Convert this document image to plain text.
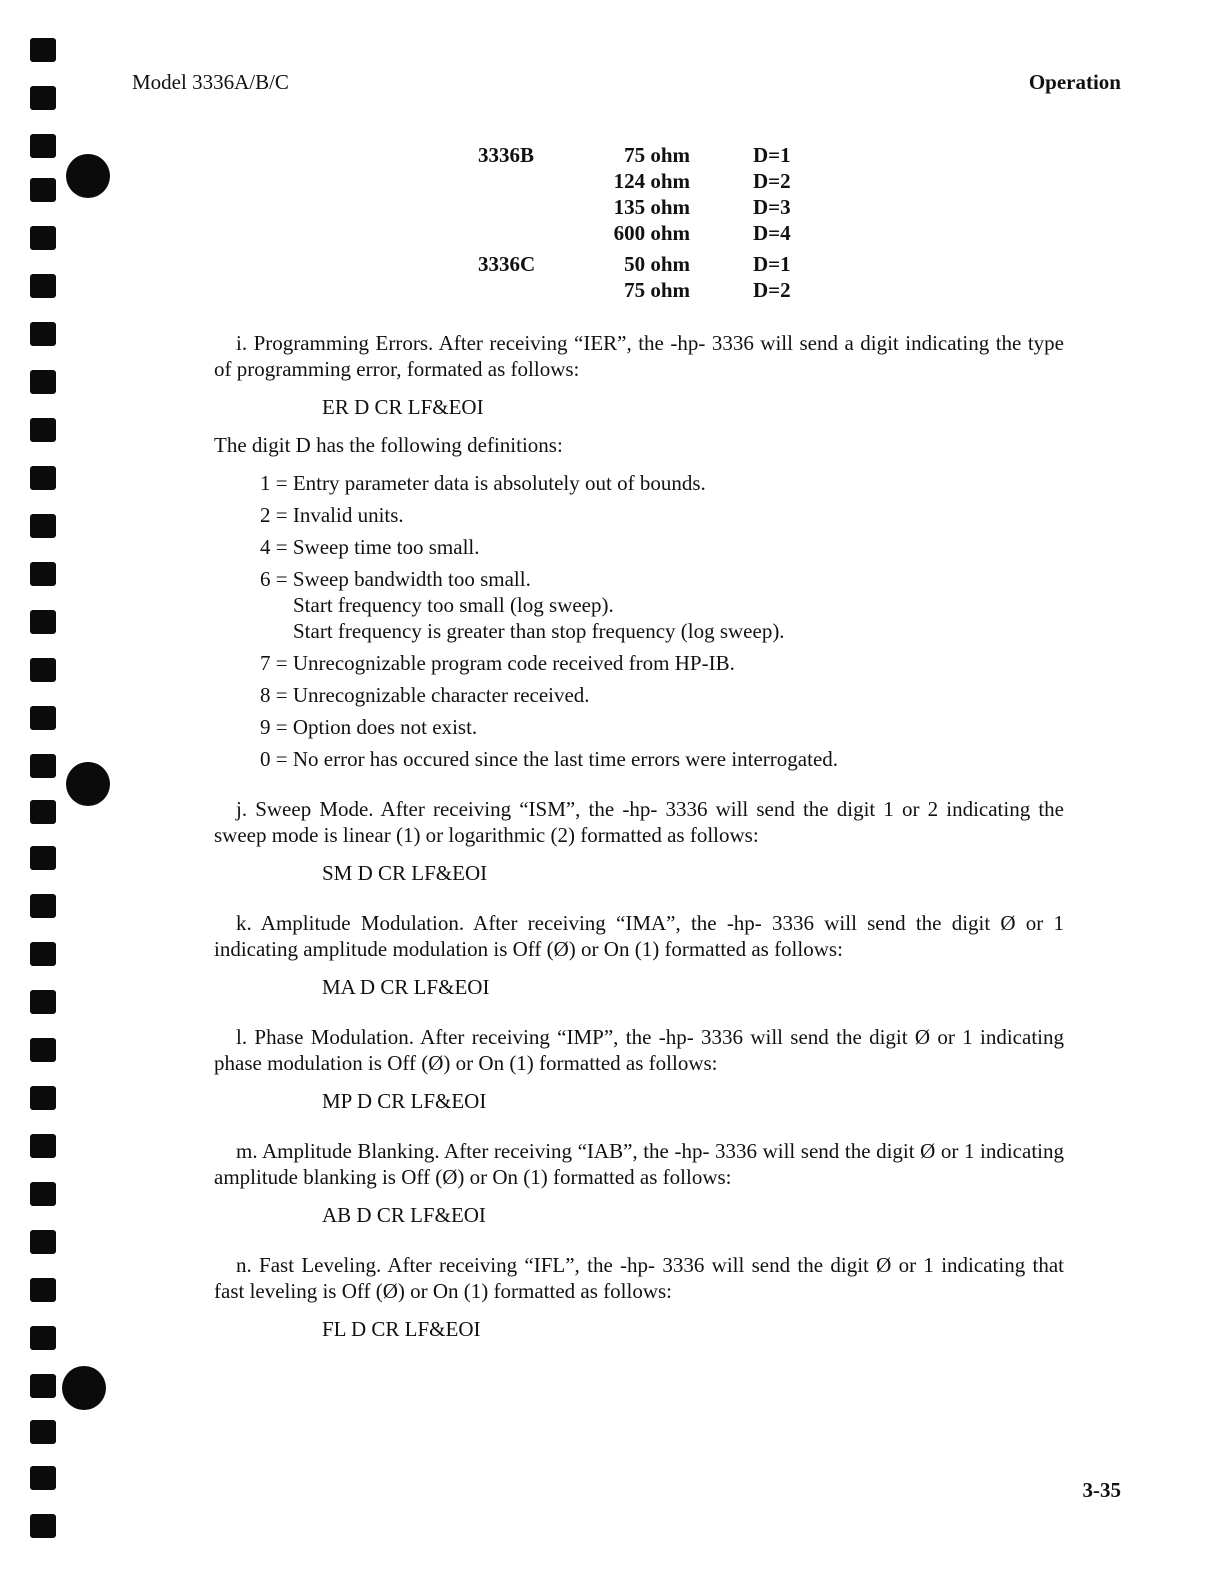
Model 3336A/B/C	Operation
3336B	75 ohm	D=1
124 ohm	D=2
135 ohm	D=3
600 ohm	D=4
3336C	50 ohm	D=1
75 ohm	D=2

i. Programming Errors. After receiving “IER”, the -hp- 3336 will send a digit indicating the type of programming error, formated as follows:

ER D CR LF&EOI
The digit D has the following definitions:
1 = Entry parameter data is absolutely out of bounds.
2 = Invalid units.
4 = Sweep time too small.
6 = Sweep bandwidth too small.
Start frequency too small (log sweep).
Start frequency is greater than stop frequency (log sweep).
7 = Unrecognizable program code received from HP-IB.
8 = Unrecognizable character received.
9 = Option does not exist.
0 = No error has occured since the last time errors were interrogated.

j. Sweep Mode. After receiving “ISM”, the -hp- 3336 will send the digit 1 or 2 indicating the sweep mode is linear (1) or logarithmic (2) formatted as follows:

SM D CR LF&EOI

k. Amplitude Modulation. After receiving “IMA”, the -hp- 3336 will send the digit Ø or 1 indicating amplitude modulation is Off (Ø) or On (1) formatted as follows:

MA D CR LF&EOI

l. Phase Modulation. After receiving “IMP”, the -hp- 3336 will send the digit Ø or 1 indicating phase modulation is Off (Ø) or On (1) formatted as follows:

MP D CR LF&EOI

m. Amplitude Blanking. After receiving “IAB”, the -hp- 3336 will send the digit Ø or 1 indicating amplitude blanking is Off (Ø) or On (1) formatted as follows:

AB D CR LF&EOI

n. Fast Leveling. After receiving “IFL”, the -hp- 3336 will send the digit Ø or 1 indicating that fast leveling is Off (Ø) or On (1) formatted as follows:

FL D CR LF&EOI
3-35
